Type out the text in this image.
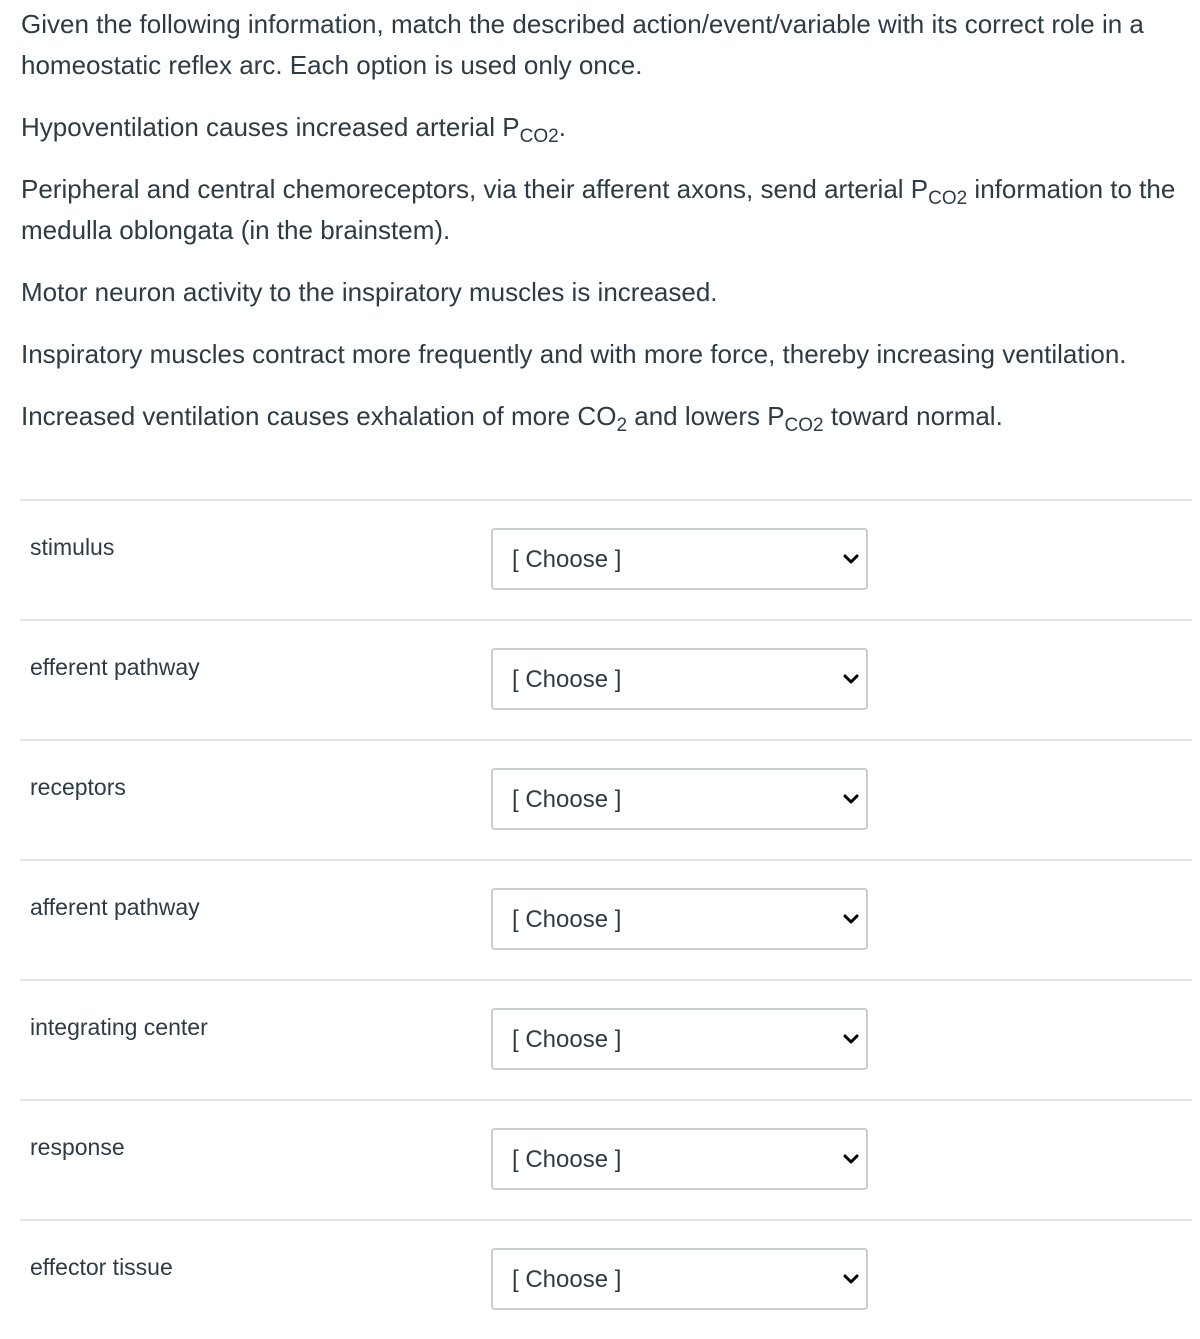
Given the following information, match the described action/event/variable with its correct role in a homeostatic reflex arc. Each option is used only once.

Hypoventilation causes increased arterial $P_{CO2}$.

Peripheral and central chemoreceptors, via their afferent axons, send arterial $P_{CO2}$ information to the medulla oblongata (in the brainstem).

Motor neuron activity to the inspiratory muscles is increased.

Inspiratory muscles contract more frequently and with more force, thereby increasing ventilation.

Increased ventilation causes exhalation of more $CO_2$ and lowers $P_{CO2}$ toward normal.

stimulus	[ Choose ]
efferent pathway	[ Choose ]
receptors	[ Choose ]
afferent pathway	[ Choose ]
integrating center	[ Choose ]
response	[ Choose ]
effector tissue	[ Choose ]
